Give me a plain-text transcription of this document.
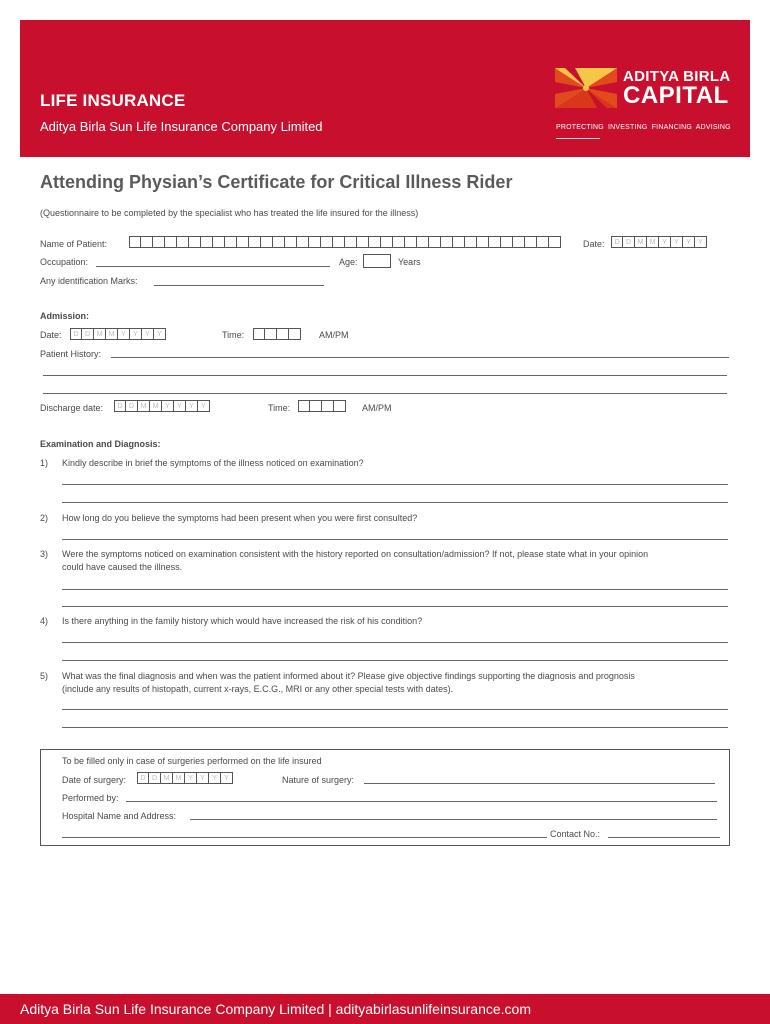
LIFE INSURANCE
Aditya Birla Sun Life Insurance Company Limited
ADITYA BIRLA
CAPITAL
PROTECTING INVESTING FINANCING ADVISING
Attending Physian’s Certificate for Critical Illness Rider
(Questionnaire to be completed by the specialist who has treated the life insured for the illness)
Name of Patient:	Date:	D D M M Y	Y	Y	Y
Occupation:	Age:	Years
Any identification Marks:
Admission:
Date:	D D M M Y	Y	Y	Y	Time:	AM/PM
Patient History:
Discharge date:	D D M M Y	Y	Y	Y	Time:	AM/PM
Examination and Diagnosis:
1) Kindly describe in brief the symptoms of the illness noticed on examination?
2) How long do you believe the symptoms had been present when you were first consulted?
3) Were the symptoms noticed on examination consistent with the history reported on consultation/admission? If not, please state what in your opinion
could have caused the illness.
4) Is there anything in the family history which would have increased the risk of his condition?
5) What was the final diagnosis and when was the patient informed about it? Please give objective findings supporting the diagnosis and prognosis
(include any results of histopath, current x-rays, E.C.G., MRI or any other special tests with dates).
To be filled only in case of surgeries performed on the life insured
Date of surgery:	D D M M Y	Y	Y	Y	Nature of surgery:
Performed by:
Hospital Name and Address:
Contact No.:
Aditya Birla Sun Life Insurance Company Limited | adityabirlasunlifeinsurance.com
